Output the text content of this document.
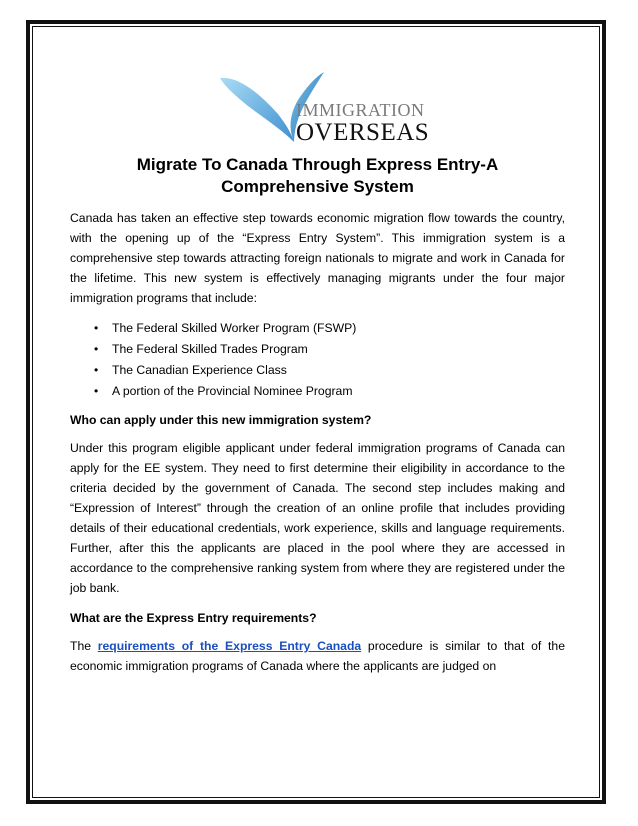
IMMIGRATION
OVERSEAS
Migrate To Canada Through Express Entry-A
Comprehensive System

Canada has taken an effective step towards economic migration flow towards the country, with the opening up of the “Express Entry System”. This immigration system is a comprehensive step towards attracting foreign nationals to migrate and work in Canada for the lifetime. This new system is effectively managing migrants under the four major immigration programs that include:

• The Federal Skilled Worker Program (FSWP)
• The Federal Skilled Trades Program
• The Canadian Experience Class
• A portion of the Provincial Nominee Program

Who can apply under this new immigration system?

Under this program eligible applicant under federal immigration programs of Canada can apply for the EE system. They need to first determine their eligibility in accordance to the criteria decided by the government of Canada. The second step includes making and “Expression of Interest” through the creation of an online profile that includes providing details of their educational credentials, work experience, skills and language requirements. Further, after this the applicants are placed in the pool where they are accessed in accordance to the comprehensive ranking system from where they are registered under the job bank.

What are the Express Entry requirements?

The requirements of the Express Entry Canada procedure is similar to that of the economic immigration programs of Canada where the applicants are judged on
